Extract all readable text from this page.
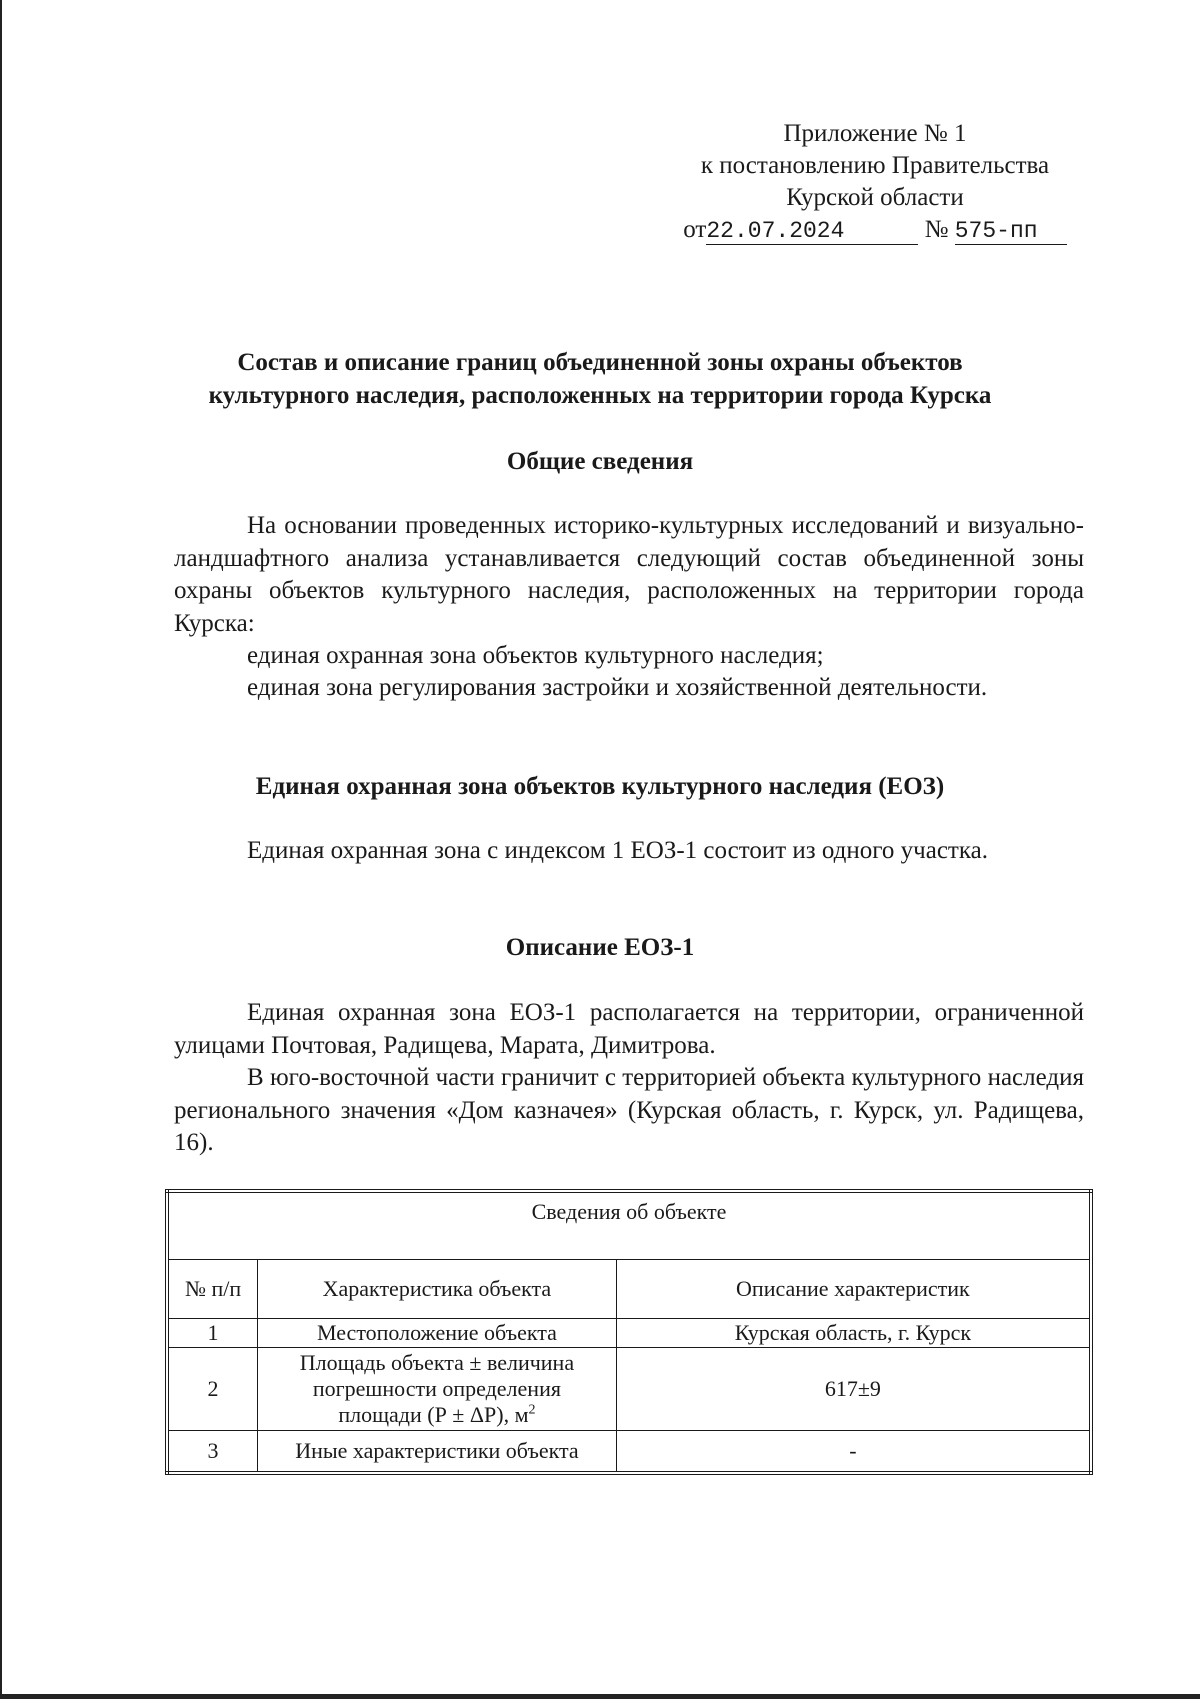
Приложение № 1
к постановлению Правительства
Курской области
от22.07.2024	№ 575-пп
Состав и описание границ объединенной зоны охраны объектов
культурного наследия, расположенных на территории города Курска
Общие сведения

На основании проведенных историко-культурных исследований и визуально-ландшафтного анализа устанавливается следующий состав объединенной зоны охраны объектов культурного наследия, расположенных на территории города Курска:

единая охранная зона объектов культурного наследия;

единая зона регулирования застройки и хозяйственной деятельности.

Единая охранная зона объектов культурного наследия (ЕОЗ)

Единая охранная зона с индексом 1 ЕОЗ-1 состоит из одного участка.

Описание ЕОЗ-1

Единая охранная зона ЕОЗ-1 располагается на территории, ограниченной улицами Почтовая, Радищева, Марата, Димитрова.

В юго-восточной части граничит с территорией объекта культурного наследия регионального значения «Дом казначея» (Курская область, г. Курск, ул. Радищева, 16).

Сведения об объекте		
№ п/п	Характеристика объекта	Описание характеристик
1	Местоположение объекта	Курская область, г. Курск
2	Площадь объекта ± величина
погрешности определения
площади (Р ± ΔР), $м^2$	617±9
3	Иные характеристики объекта	-
